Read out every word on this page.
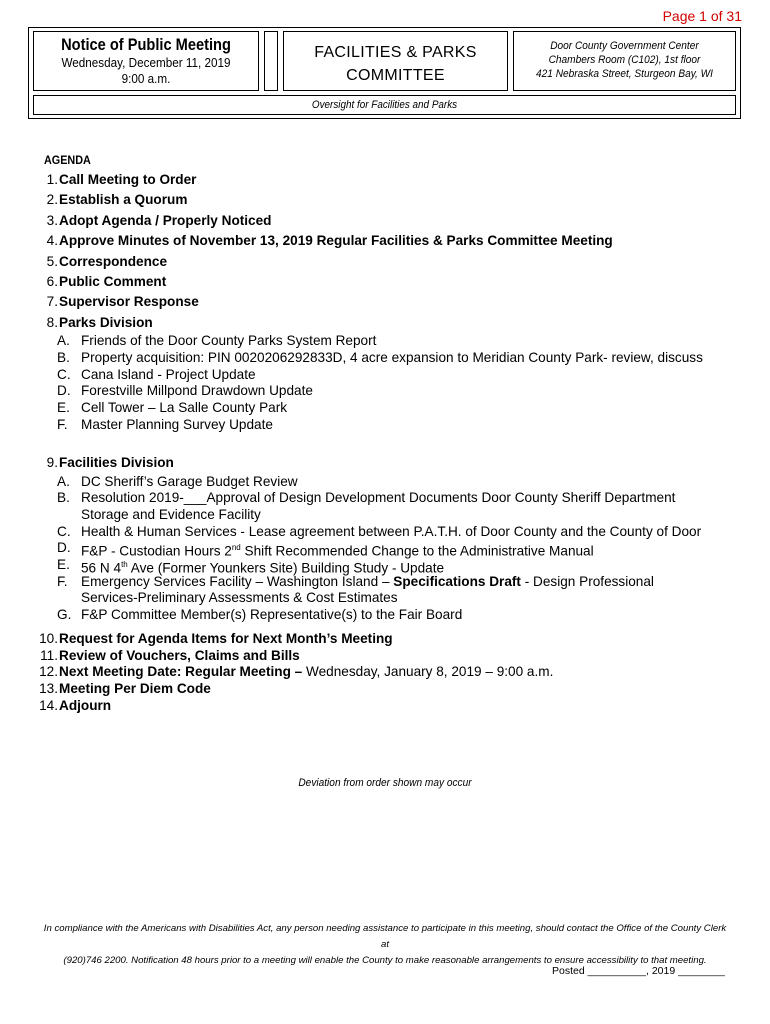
Page 1 of 31
Notice of Public Meeting
Wednesday, December 11, 2019
9:00 a.m.
FACILITIES & PARKS
COMMITTEE
Door County Government Center
Chambers Room (C102), 1st floor
421 Nebraska Street, Sturgeon Bay, WI
Oversight for Facilities and Parks
AGENDA
1. Call Meeting to Order
2. Establish a Quorum
3. Adopt Agenda / Properly Noticed
4. Approve Minutes of November 13, 2019 Regular Facilities & Parks Committee Meeting
5. Correspondence
6. Public Comment
7. Supervisor Response
8. Parks Division
A. Friends of the Door County Parks System Report
B. Property acquisition: PIN 0020206292833D, 4 acre expansion to Meridian County Park- review, discuss
C. Cana Island - Project Update
D. Forestville Millpond Drawdown Update
E. Cell Tower – La Salle County Park
F. Master Planning Survey Update
9. Facilities Division
A. DC Sheriff’s Garage Budget Review
B. Resolution 2019-___Approval of Design Development Documents Door County Sheriff Department
Storage and Evidence Facility
C. Health & Human Services - Lease agreement between P.A.T.H. of Door County and the County of Door
D. F&P - Custodian Hours 2nd Shift Recommended Change to the Administrative Manual
E. 56 N 4th Ave (Former Younkers Site) Building Study - Update
F. Emergency Services Facility – Washington Island – Specifications Draft - Design Professional
Services-Preliminary Assessments & Cost Estimates
G. F&P Committee Member(s) Representative(s) to the Fair Board
10. Request for Agenda Items for Next Month’s Meeting
11. Review of Vouchers, Claims and Bills
12. Next Meeting Date: Regular Meeting – Wednesday, January 8, 2019 – 9:00 a.m.
13. Meeting Per Diem Code
14. Adjourn
Deviation from order shown may occur
In compliance with the Americans with Disabilities Act, any person needing assistance to participate in this meeting, should contact the Office of the County Clerk at
(920)746 2200. Notification 48 hours prior to a meeting will enable the County to make reasonable arrangements to ensure accessibility to that meeting.
Posted __________, 2019 ________
